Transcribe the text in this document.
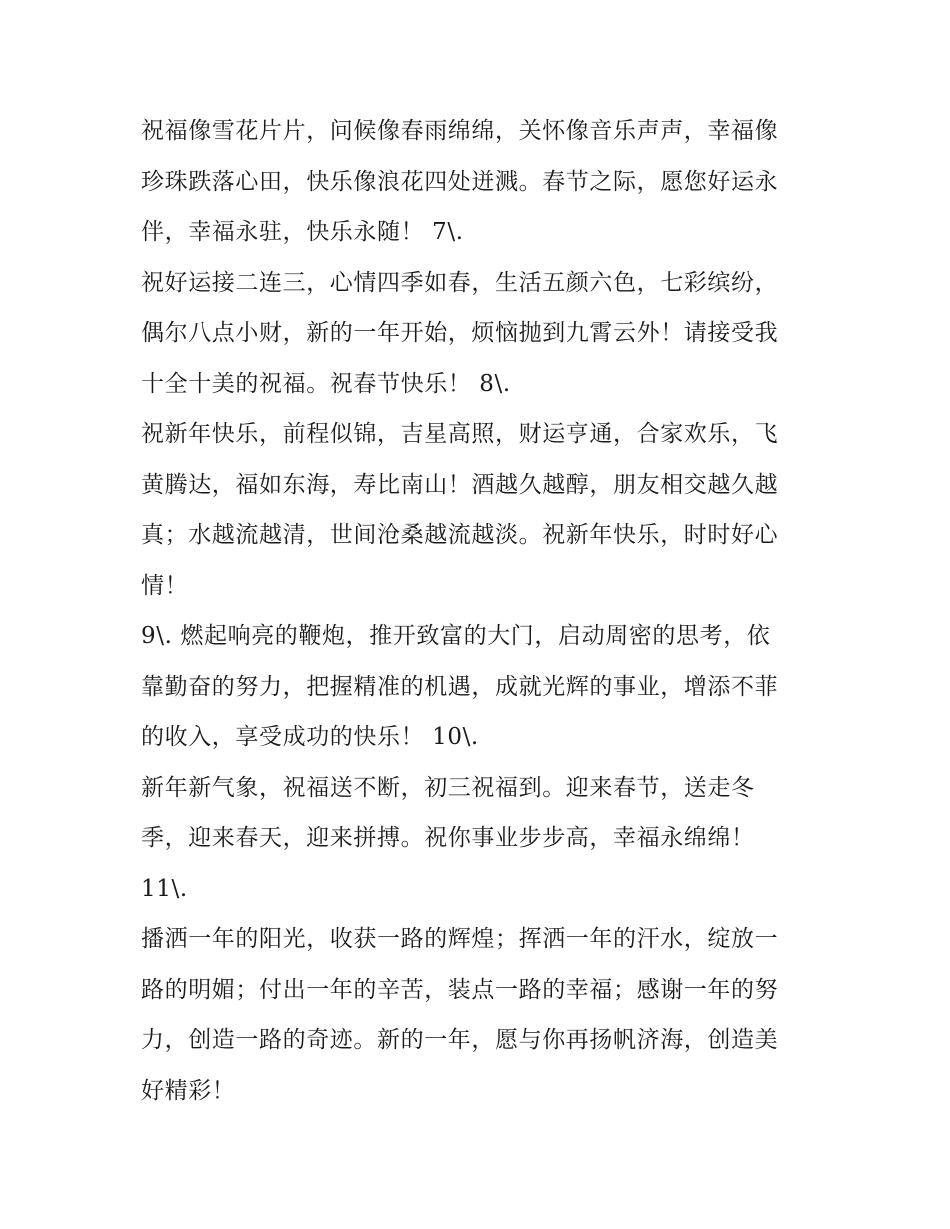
祝福像雪花片片，问候像春雨绵绵，关怀像音乐声声，幸福像
珍珠跌落心田，快乐像浪花四处迸溅。春节之际，愿您好运永
伴，幸福永驻，快乐永随！ 7\.
祝好运接二连三，心情四季如春，生活五颜六色，七彩缤纷，
偶尔八点小财，新的一年开始，烦恼抛到九霄云外！请接受我
十全十美的祝福。祝春节快乐！ 8\.
祝新年快乐，前程似锦，吉星高照，财运亨通，合家欢乐，飞
黄腾达，福如东海，寿比南山！酒越久越醇，朋友相交越久越
真；水越流越清，世间沧桑越流越淡。祝新年快乐，时时好心
情！
9\. 燃起响亮的鞭炮，推开致富的大门，启动周密的思考，依
靠勤奋的努力，把握精准的机遇，成就光辉的事业，增添不菲
的收入，享受成功的快乐！ 10\.
新年新气象，祝福送不断，初三祝福到。迎来春节，送走冬
季，迎来春天，迎来拼搏。祝你事业步步高，幸福永绵绵！
11\.
播洒一年的阳光，收获一路的辉煌；挥洒一年的汗水，绽放一
路的明媚；付出一年的辛苦，装点一路的幸福；感谢一年的努
力，创造一路的奇迹。新的一年，愿与你再扬帆济海，创造美
好精彩！
